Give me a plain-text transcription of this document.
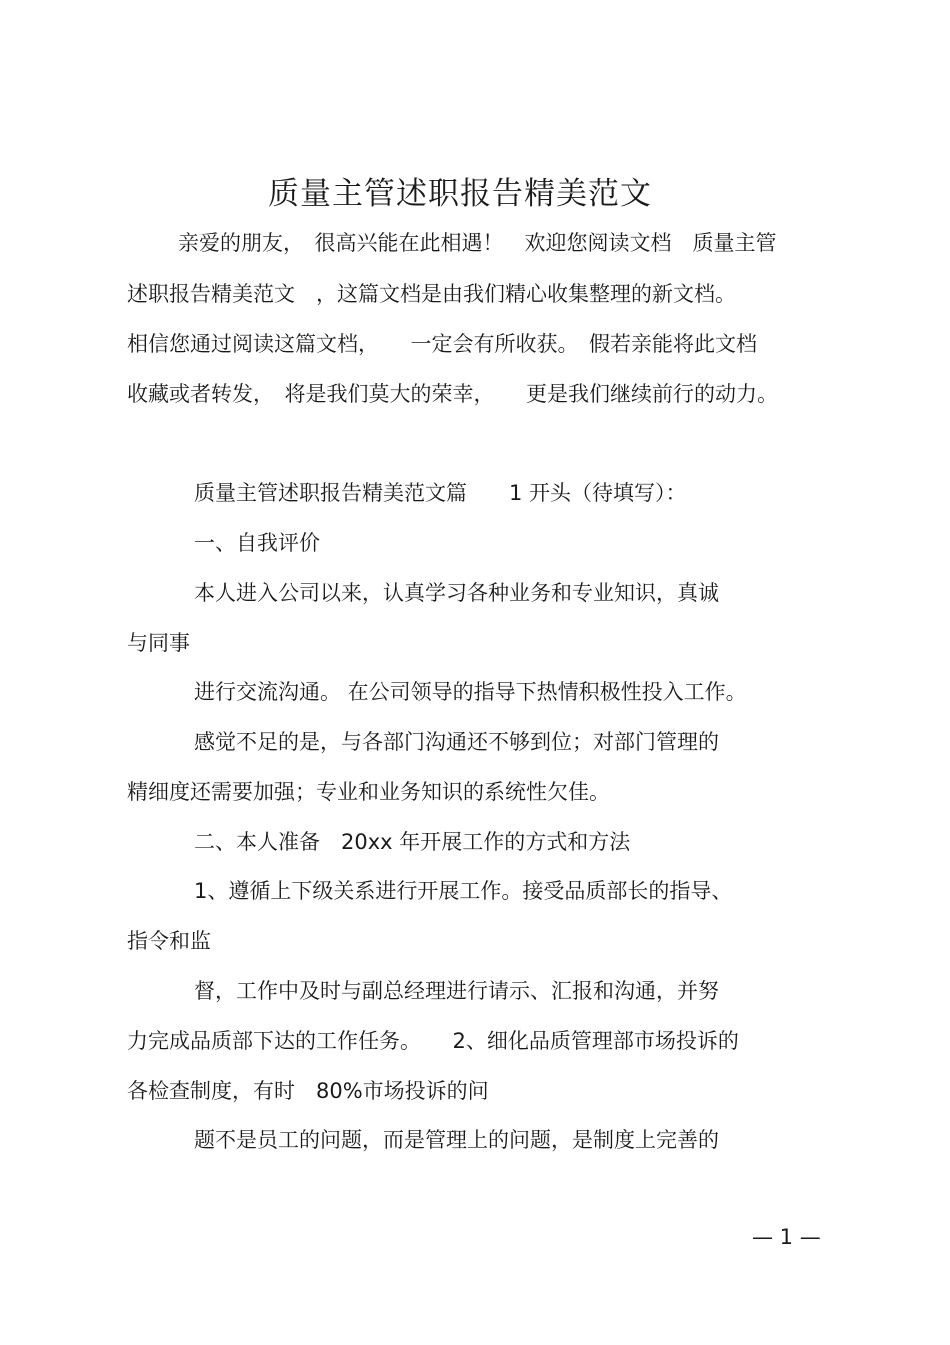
质量主管述职报告精美范文
亲爱的朋友，　很高兴能在此相遇！　欢迎您阅读文档　质量主管
述职报告精美范文　，这篇文档是由我们精心收集整理的新文档。
相信您通过阅读这篇文档，　　一定会有所收获。　假若亲能将此文档
收藏或者转发，　将是我们莫大的荣幸，　　更是我们继续前行的动力。
质量主管述职报告精美范文篇　　1 开头（待填写）：
一、自我评价
本人进入公司以来，认真学习各种业务和专业知识，真诚
与同事
进行交流沟通。 在公司领导的指导下热情积极性投入工作。
感觉不足的是，与各部门沟通还不够到位；对部门管理的
精细度还需要加强；专业和业务知识的系统性欠佳。
二、本人准备　20xx 年开展工作的方式和方法
1、遵循上下级关系进行开展工作。接受品质部长的指导、
指令和监
督，工作中及时与副总经理进行请示、汇报和沟通，并努
力完成品质部下达的工作任务。　　2、细化品质管理部市场投诉的
各检查制度，有时　80%市场投诉的问
题不是员工的问题，而是管理上的问题，是制度上完善的
— 1 —
